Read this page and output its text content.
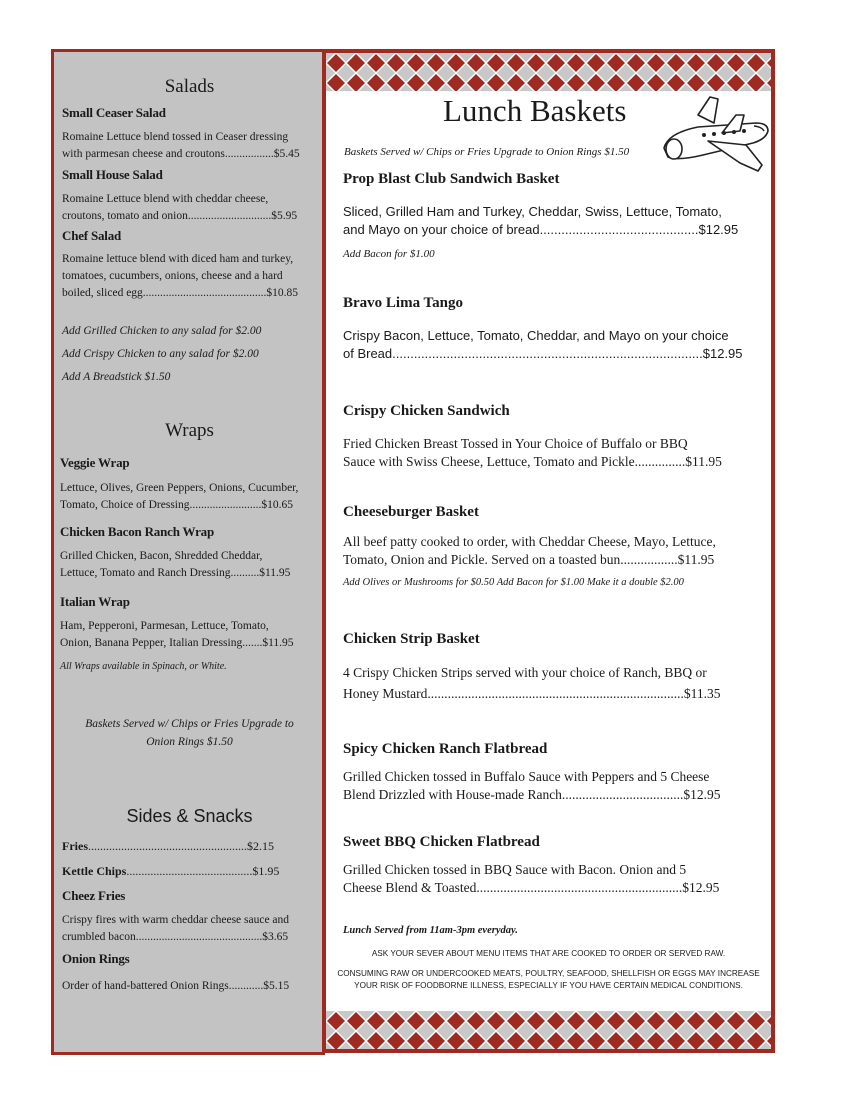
Salads
Small Ceaser Salad
Romaine Lettuce blend tossed in Ceaser dressing
with parmesan cheese and croutons.................$5.45
Small House Salad
Romaine Lettuce blend with cheddar cheese,
croutons, tomato and onion.............................$5.95
Chef Salad
Romaine lettuce blend with diced ham and turkey,
tomatoes, cucumbers, onions, cheese and a hard
boiled, sliced egg...........................................$10.85
Add Grilled Chicken to any salad for $2.00
Add Crispy Chicken to any salad for $2.00
Add A Breadstick $1.50
Wraps
Veggie Wrap
Lettuce, Olives, Green Peppers, Onions, Cucumber,
Tomato, Choice of Dressing.........................$10.65
Chicken Bacon Ranch Wrap
Grilled Chicken, Bacon, Shredded Cheddar,
Lettuce, Tomato and Ranch Dressing..........$11.95
Italian Wrap
Ham, Pepperoni, Parmesan, Lettuce, Tomato,
Onion, Banana Pepper, Italian Dressing.......$11.95
All Wraps available in Spinach, or White.
Baskets Served w/ Chips or Fries Upgrade to
Onion Rings $1.50
Sides & Snacks
Fries.....................................................$2.15
Kettle Chips..........................................$1.95
Cheez Fries
Crispy fires with warm cheddar cheese sauce and
crumbled bacon............................................$3.65
Onion Rings
Order of hand-battered Onion Rings............$5.15
Lunch Baskets
Baskets Served w/ Chips or Fries Upgrade to Onion Rings $1.50
Prop Blast Club Sandwich Basket
Sliced, Grilled Ham and Turkey, Cheddar, Swiss, Lettuce, Tomato,
and Mayo on your choice of bread............................................$12.95
Add Bacon for $1.00
Bravo Lima Tango
Crispy Bacon, Lettuce, Tomato, Cheddar, and Mayo on your choice
of Bread......................................................................................$12.95
Crispy Chicken Sandwich
Fried Chicken Breast Tossed in Your Choice of Buffalo or BBQ
Sauce with Swiss Cheese, Lettuce, Tomato and Pickle...............$11.95
Cheeseburger Basket
All beef patty cooked to order, with Cheddar Cheese, Mayo, Lettuce,
Tomato, Onion and Pickle. Served on a toasted bun.................$11.95
Add Olives or Mushrooms for $0.50 Add Bacon for $1.00 Make it a double $2.00
Chicken Strip Basket
4 Crispy Chicken Strips served with your choice of Ranch, BBQ or
Honey Mustard............................................................................$11.35
Spicy Chicken Ranch Flatbread
Grilled Chicken tossed in Buffalo Sauce with Peppers and 5 Cheese
Blend Drizzled with House-made Ranch....................................$12.95
Sweet BBQ Chicken Flatbread
Grilled Chicken tossed in BBQ Sauce with Bacon. Onion and 5
Cheese Blend & Toasted.............................................................$12.95
Lunch Served from 11am-3pm everyday.
ASK YOUR SEVER ABOUT MENU ITEMS THAT ARE COOKED TO ORDER OR SERVED RAW.
CONSUMING RAW OR UNDERCOOKED MEATS, POULTRY, SEAFOOD, SHELLFISH OR EGGS MAY INCREASE
YOUR RISK OF FOODBORNE ILLNESS, ESPECIALLY IF YOU HAVE CERTAIN MEDICAL CONDITIONS.
